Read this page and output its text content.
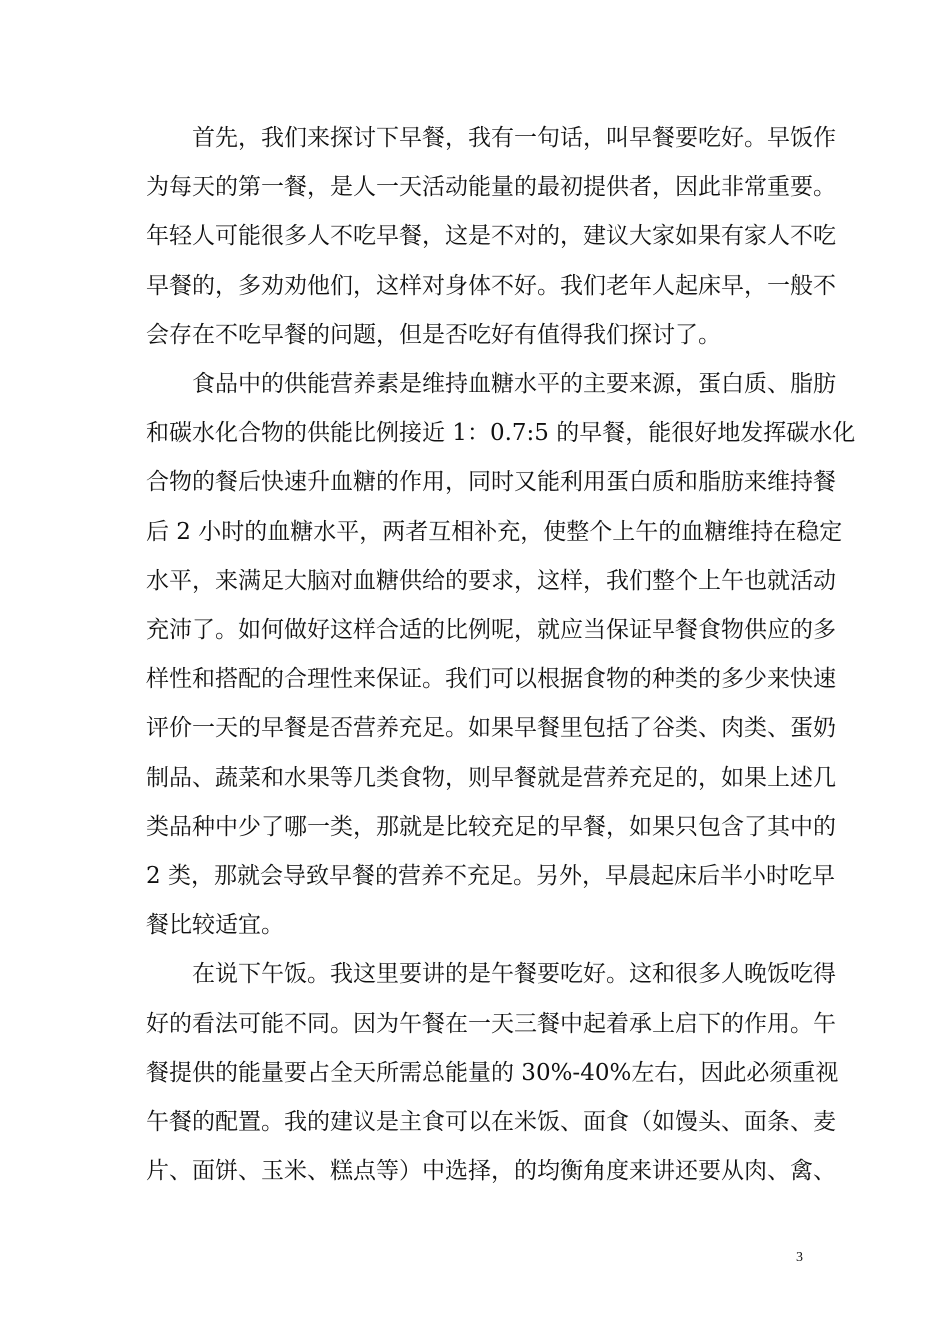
首先，我们来探讨下早餐，我有一句话，叫早餐要吃好。早饭作
为每天的第一餐，是人一天活动能量的最初提供者，因此非常重要。
年轻人可能很多人不吃早餐，这是不对的，建议大家如果有家人不吃
早餐的，多劝劝他们，这样对身体不好。我们老年人起床早，一般不
会存在不吃早餐的问题，但是否吃好有值得我们探讨了。
食品中的供能营养素是维持血糖水平的主要来源，蛋白质、脂肪
和碳水化合物的供能比例接近 1：0.7:5 的早餐，能很好地发挥碳水化
合物的餐后快速升血糖的作用，同时又能利用蛋白质和脂肪来维持餐
后 2 小时的血糖水平，两者互相补充，使整个上午的血糖维持在稳定
水平，来满足大脑对血糖供给的要求，这样，我们整个上午也就活动
充沛了。如何做好这样合适的比例呢，就应当保证早餐食物供应的多
样性和搭配的合理性来保证。我们可以根据食物的种类的多少来快速
评价一天的早餐是否营养充足。如果早餐里包括了谷类、肉类、蛋奶
制品、蔬菜和水果等几类食物，则早餐就是营养充足的，如果上述几
类品种中少了哪一类，那就是比较充足的早餐，如果只包含了其中的
2 类，那就会导致早餐的营养不充足。另外，早晨起床后半小时吃早
餐比较适宜。
在说下午饭。我这里要讲的是午餐要吃好。这和很多人晚饭吃得
好的看法可能不同。因为午餐在一天三餐中起着承上启下的作用。午
餐提供的能量要占全天所需总能量的 30%-40%左右，因此必须重视
午餐的配置。我的建议是主食可以在米饭、面食（如馒头、面条、麦
片、面饼、玉米、糕点等）中选择，的均衡角度来讲还要从肉、禽、
3
